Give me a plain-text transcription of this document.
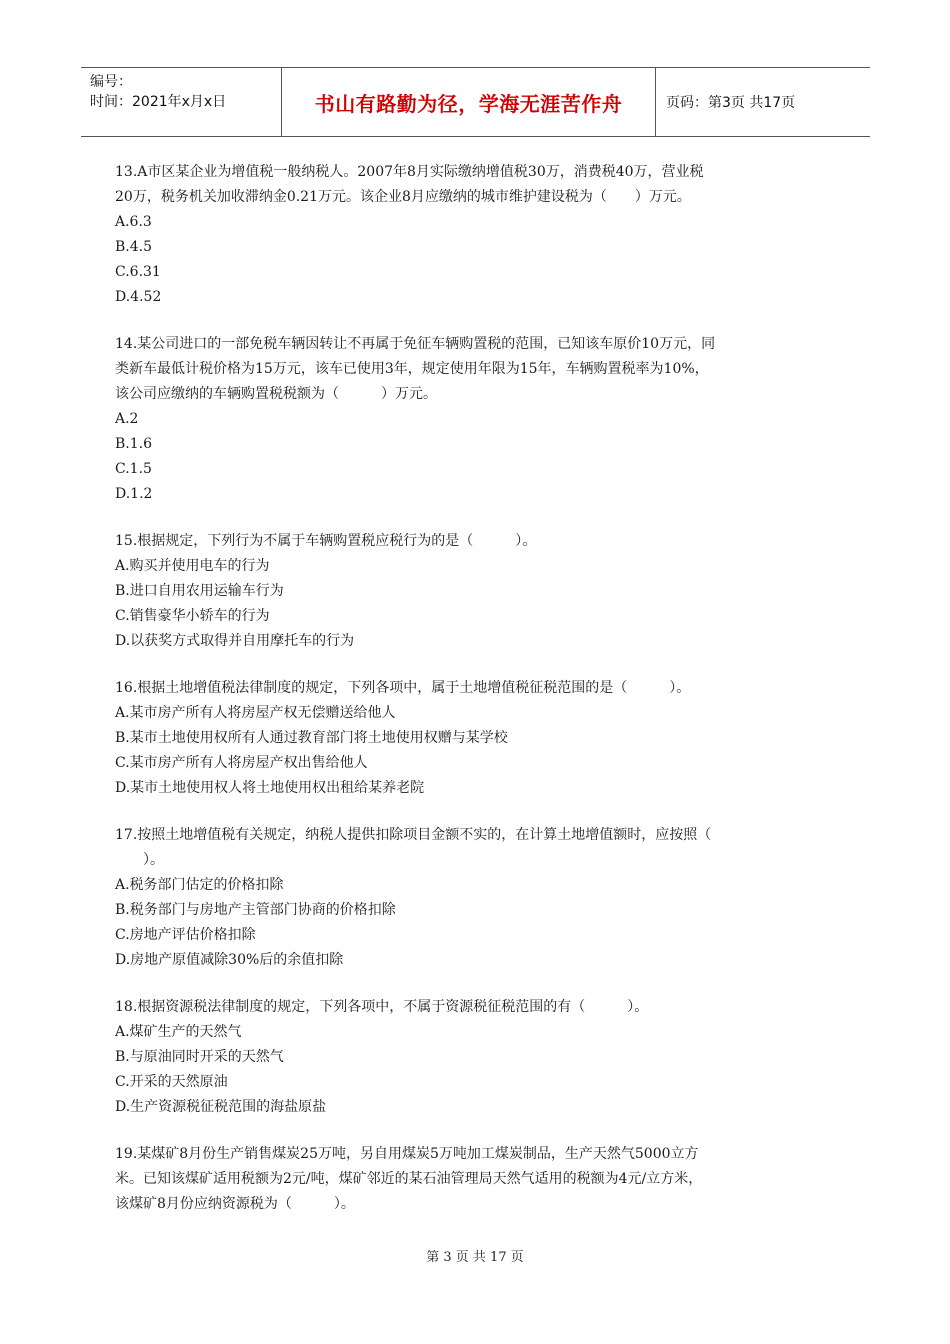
编号：
时间：2021年x月x日	书山有路勤为径，学海无涯苦作舟	页码：第3页 共17页

13.A市区某企业为增值税一般纳税人。2007年8月实际缴纳增值税30万，消费税40万，营业税

20万，税务机关加收滞纳金0.21万元。该企业8月应缴纳的城市维护建设税为（　　）万元。

A.6.3

B.4.5

C.6.31

D.4.52

14.某公司进口的一部免税车辆因转让不再属于免征车辆购置税的范围，已知该车原价10万元，同

类新车最低计税价格为15万元，该车已使用3年，规定使用年限为15年，车辆购置税率为10%，

该公司应缴纳的车辆购置税税额为（　　　）万元。

A.2

B.1.6

C.1.5

D.1.2

15.根据规定，下列行为不属于车辆购置税应税行为的是（　　　）。

A.购买并使用电车的行为

B.进口自用农用运输车行为

C.销售豪华小轿车的行为

D.以获奖方式取得并自用摩托车的行为

16.根据土地增值税法律制度的规定，下列各项中，属于土地增值税征税范围的是（　　　）。

A.某市房产所有人将房屋产权无偿赠送给他人

B.某市土地使用权所有人通过教育部门将土地使用权赠与某学校

C.某市房产所有人将房屋产权出售给他人

D.某市土地使用权人将土地使用权出租给某养老院

17.按照土地增值税有关规定，纳税人提供扣除项目金额不实的，在计算土地增值额时，应按照（

　　）。

A.税务部门估定的价格扣除

B.税务部门与房地产主管部门协商的价格扣除

C.房地产评估价格扣除

D.房地产原值减除30%后的余值扣除

18.根据资源税法律制度的规定，下列各项中，不属于资源税征税范围的有（　　　）。

A.煤矿生产的天然气

B.与原油同时开采的天然气

C.开采的天然原油

D.生产资源税征税范围的海盐原盐

19.某煤矿8月份生产销售煤炭25万吨，另自用煤炭5万吨加工煤炭制品，生产天然气5000立方

米。已知该煤矿适用税额为2元/吨，煤矿邻近的某石油管理局天然气适用的税额为4元/立方米，

该煤矿8月份应纳资源税为（　　　）。

第 3 页 共 17 页
